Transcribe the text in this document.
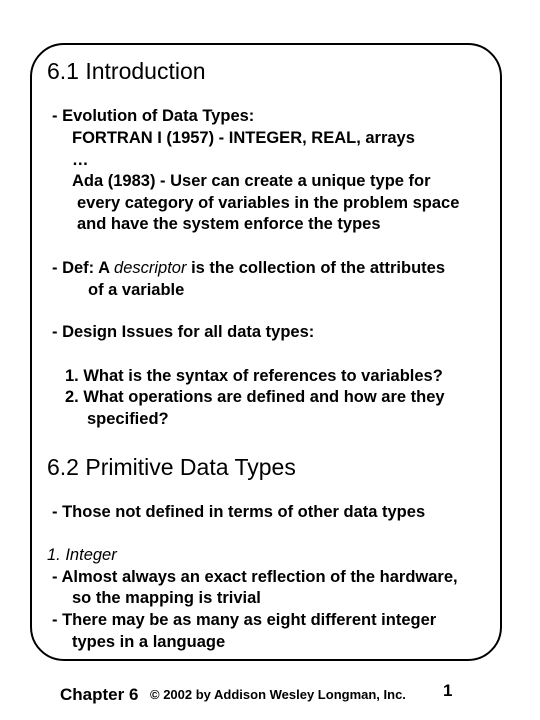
6.1 Introduction
- Evolution of Data Types:
FORTRAN I (1957) - INTEGER, REAL, arrays
…
Ada (1983) - User can create a unique type for
every category of variables in the problem space
and have the system enforce the types
- Def: A descriptor is the collection of the attributes
of a variable
- Design Issues for all data types:
1. What is the syntax of references to variables?
2. What operations are defined and how are they
specified?
6.2 Primitive Data Types
- Those not defined in terms of other data types
1. Integer
- Almost always an exact reflection of the hardware,
so the mapping is trivial
- There may be as many as eight different integer
types in a language
Chapter 6 © 2002 by Addison Wesley Longman, Inc. 1
